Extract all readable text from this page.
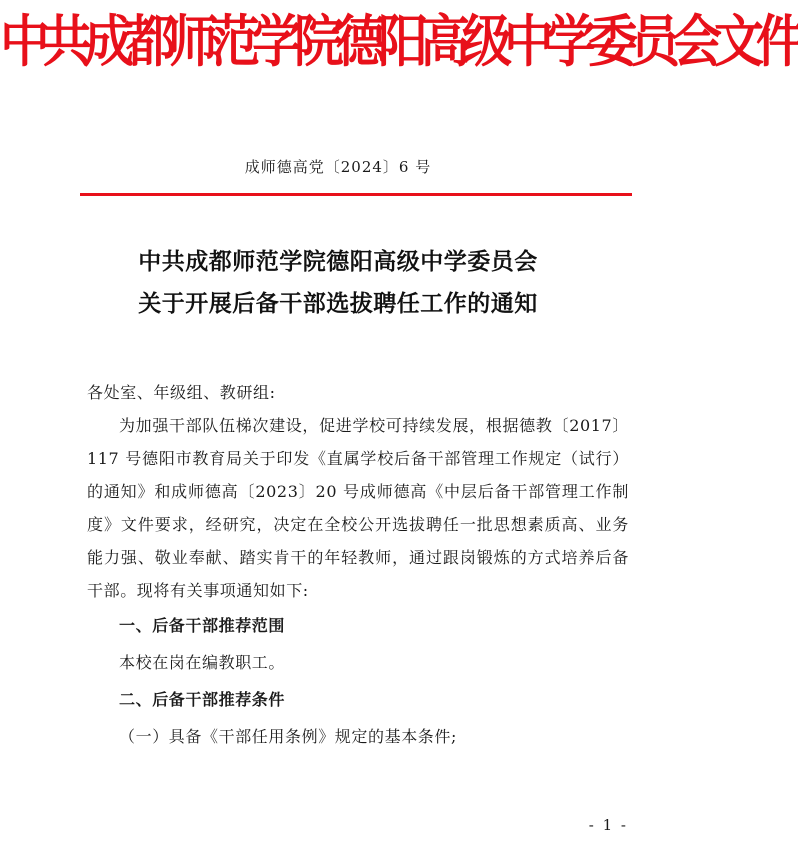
中共成都师范学院德阳高级中学委员会文件
成师德高党〔2024〕6 号
中共成都师范学院德阳高级中学委员会
关于开展后备干部选拔聘任工作的通知

各处室、年级组、教研组:

为加强干部队伍梯次建设，促进学校可持续发展，根据德教〔2017〕117 号德阳市教育局关于印发《直属学校后备干部管理工作规定（试行）的通知》和成师德高〔2023〕20 号成师德高《中层后备干部管理工作制度》文件要求，经研究，决定在全校公开选拔聘任一批思想素质高、业务能力强、敬业奉献、踏实肯干的年轻教师，通过跟岗锻炼的方式培养后备干部。现将有关事项通知如下:

一、后备干部推荐范围
本校在岗在编教职工。
二、后备干部推荐条件
（一）具备《干部任用条例》规定的基本条件;
- 1 -
